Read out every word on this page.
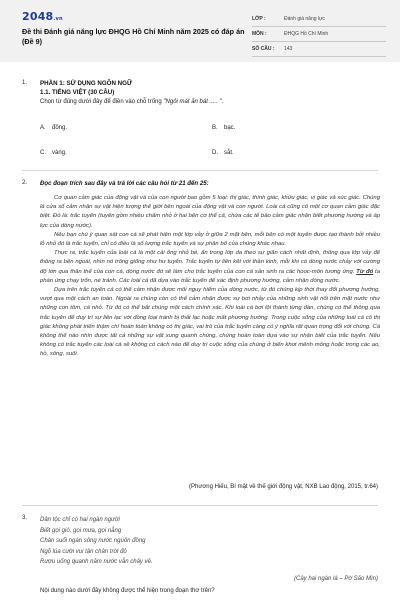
2048.vn
Đề thi Đánh giá năng lực ĐHQG Hồ Chí Minh năm 2025 có đáp án (Đề 9)
LỚP :	Đánh giá năng lực
MÔN :	ĐHQG Hồ Chí Minh
SỐ CÂU :	143
1. PHẦN 1: SỬ DỤNG NGÔN NGỮ
1.1. TIẾNG VIỆT (30 CÂU)
Chọn từ đúng dưới đây để điền vào chỗ trống "Ngôi mát ăn bát ..... ".
A. đồng.	B. bạc.
C. vàng.	D. sắt.
2. Đọc đoạn trích sau đây và trả lời các câu hỏi từ 21 đến 25:

Cơ quan cảm giác của động vật và của con người bao gồm 5 loại: thị giác, thính giác, khứu giác, vị giác và xúc giác. Chúng là cửa sổ cảm nhận sự vật hiện tượng thế giới bên ngoài của động vật và con người. Loài cá cũng có một cơ quan cảm giác đặc biệt. Đó là: trắc tuyến (tuyến gồm nhiều chấm nhỏ ở hai bên cơ thể cá, chứa các tế bào cảm giác nhận biết phương hướng và áp lực của dòng nước).

Nếu bạn chú ý quan sát con cá sẽ phát hiện một lớp vảy ở giữa 2 mặt bên, mỗi bên có một tuyến được tạo thành bởi nhiều lỗ nhỏ đó là trắc tuyến, chỉ có điều là số lượng trắc tuyến và sự phân bổ của chúng khác nhau.

Thực ra, trắc tuyến của loài cá là một cái ống nhỏ bé, ẩn trong lớp da theo sự giãn cách nhất định, thông qua lớp vảy để thông ra bên ngoài, nhìn nó trông giống như hư tuyến. Trắc tuyến tự liên kết với thần kinh, mỗi khi có dòng nước chảy với cường độ lớn qua thân thể của con cá, dòng nước đó sẽ làm cho trắc tuyến của con cá sản sinh ra các hooc-môn tương ứng. Từ đó ta phán ứng chạy trốn, né tránh. Các loài cá đã dựa vào trắc tuyến để xác định phương hướng, cảm nhận dòng nước.

Dựa trên trắc tuyến cá có thể cảm nhận được mối nguy hiểm của dòng nước, từ đó chúng kịp thời thay đổi phương hướng, vượt qua một cách an toàn. Ngoài ra chúng còn có thể cảm nhận được sự bơi nhảy của những sinh vật nổi trên mặt nước như những con tôm, cá nhỏ. Từ đó có thể bắt chúng một cách chính xác. Khi loài cá bơi lội thành từng đàn, chúng có thể thông qua trắc tuyến để duy trì sự liên lạc với đồng loại tránh bị thất lạc hoặc mất phương hướng. Trong cuộc sống của những loài cá có thị giác không phát triển thậm chí hoàn toàn không có thị giác, vai trò của trắc tuyến càng có ý nghĩa rất quan trọng đối với chúng. Cá không thể nào nhìn được tất cả những sự vật xung quanh chúng, chúng hoàn toàn dựa vào sự nhận biết của trắc tuyến. Nếu không có trắc tuyến các loài cá sẽ không có cách nào để duy trì cuộc sống của chúng ở biển khơi mênh mông hoặc trong các ao, hồ, sông, suối.

(Phương Hiếu, Bí mật về thế giới động vật, NXB Lao động, 2015, tr.64)
3. Dân tộc chỉ có hai ngàn người
Biết gọi gió, gọi mưa, gọi nắng
Chân suối ngàn sông nước nguồn đồng
Ngõ lúa cười vui tận chân trời đỏ
Rượu uống quanh năm nước vẫn chảy về.
(Cây hai ngàn lá – Pờ Sảo Mìn)
Nội dung nào dưới đây không được thể hiện trong đoạn thơ trên?
